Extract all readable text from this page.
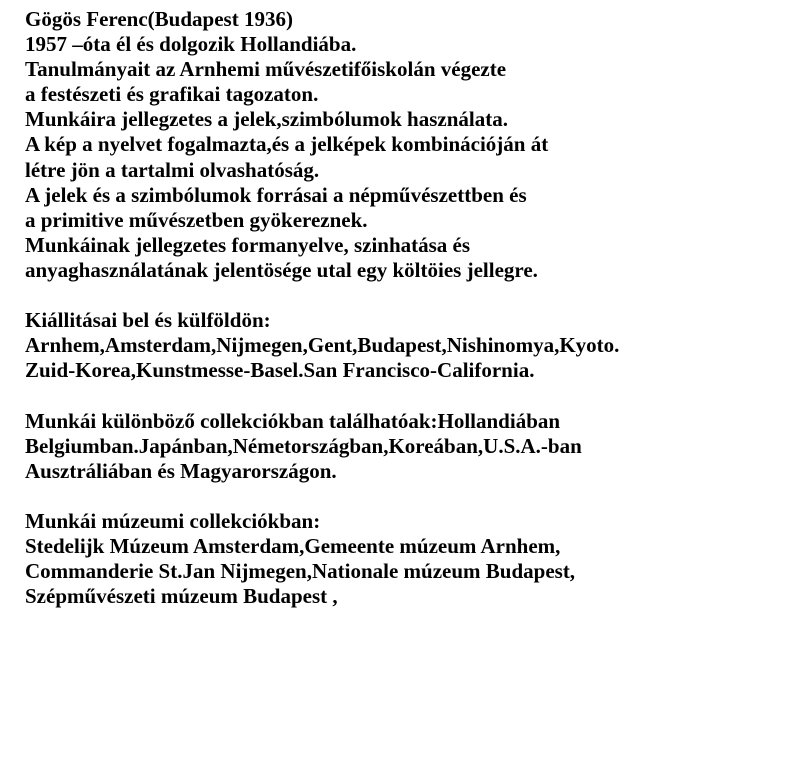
Gögös Ferenc(Budapest 1936)
1957 –óta él és dolgozik Hollandiába.
Tanulmányait az Arnhemi művészetifőiskolán végezte
a festészeti és grafikai tagozaton.
Munkáira jellegzetes a jelek,szimbólumok használata.
A kép a nyelvet fogalmazta,és a jelképek kombinációján át
létre jön a tartalmi olvashatóság.
A jelek és a szimbólumok forrásai a népművészettben és
a primitive művészetben gyökereznek.
Munkáinak jellegzetes formanyelve, szinhatása és
anyaghasználatának jelentösége utal egy költöies jellegre.
Kiállitásai bel és külföldön:
Arnhem,Amsterdam,Nijmegen,Gent,Budapest,Nishinomya,Kyoto.
Zuid-Korea,Kunstmesse-Basel.San Francisco-California.
Munkái különböző collekciókban találhatóak:Hollandiában
Belgiumban.Japánban,Németországban,Koreában,U.S.A.-ban
Ausztráliában és Magyarországon.
Munkái múzeumi collekciókban:
Stedelijk Múzeum Amsterdam,Gemeente múzeum Arnhem,
Commanderie St.Jan Nijmegen,Nationale múzeum Budapest,
Szépművészeti múzeum Budapest ,
